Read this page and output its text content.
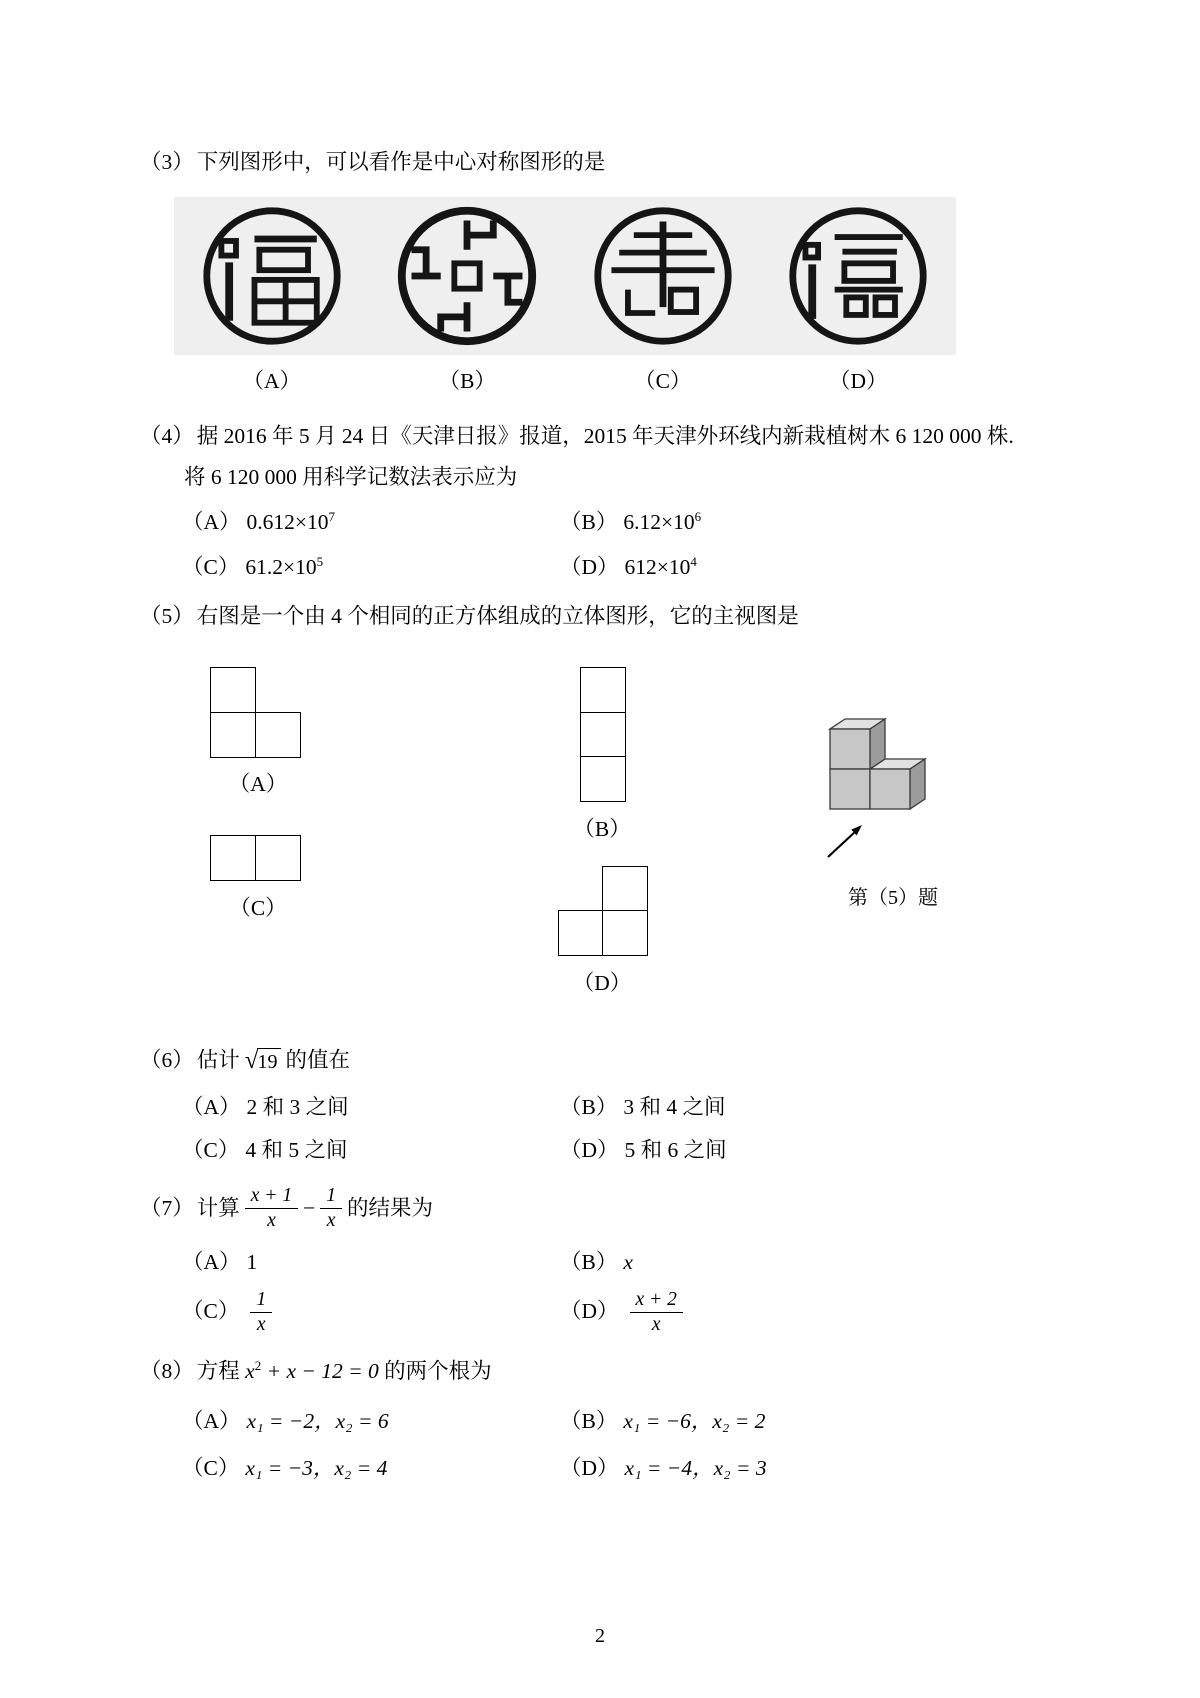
（3） 下列图形中，可以看作是中心对称图形的是
（A）	（B）	（C）	（D）
（4） 据 2016 年 5 月 24 日《天津日报》报道，2015 年天津外环线内新栽植树木 6 120 000 株.
将 6 120 000 用科学记数法表示应为
（A） $0.612\times 10^7$	（B） $6.12\times 10^6$
（C） $61.2\times 10^5$	（D） $612\times 10^4$
（5） 右图是一个由 4 个相同的正方体组成的立体图形，它的主视图是
（A）
（C）
（B）
（D）
第（5）题
（6） 估计 √ 19 的值在
（A） 2 和 3 之间	（B） 3 和 4 之间
（C） 4 和 5 之间	（D） 5 和 6 之间
（7） 计算 $\frac{x + 1}{x} - \frac{1}{x}$ 的结果为
（A） 1	（B） x
$(C) \frac{1}{x}$	$(D) \frac{x + 2}{x}$
（8） 方程 $x^2 + x - 12 = 0$ 的两个根为
（A） x₁ = −2，x₂ = 6	（B） x₁ = −6，x₂ = 2
（C） x₁ = −3，x₂ = 4	（D） x₁ = −4，x₂ = 3
2
